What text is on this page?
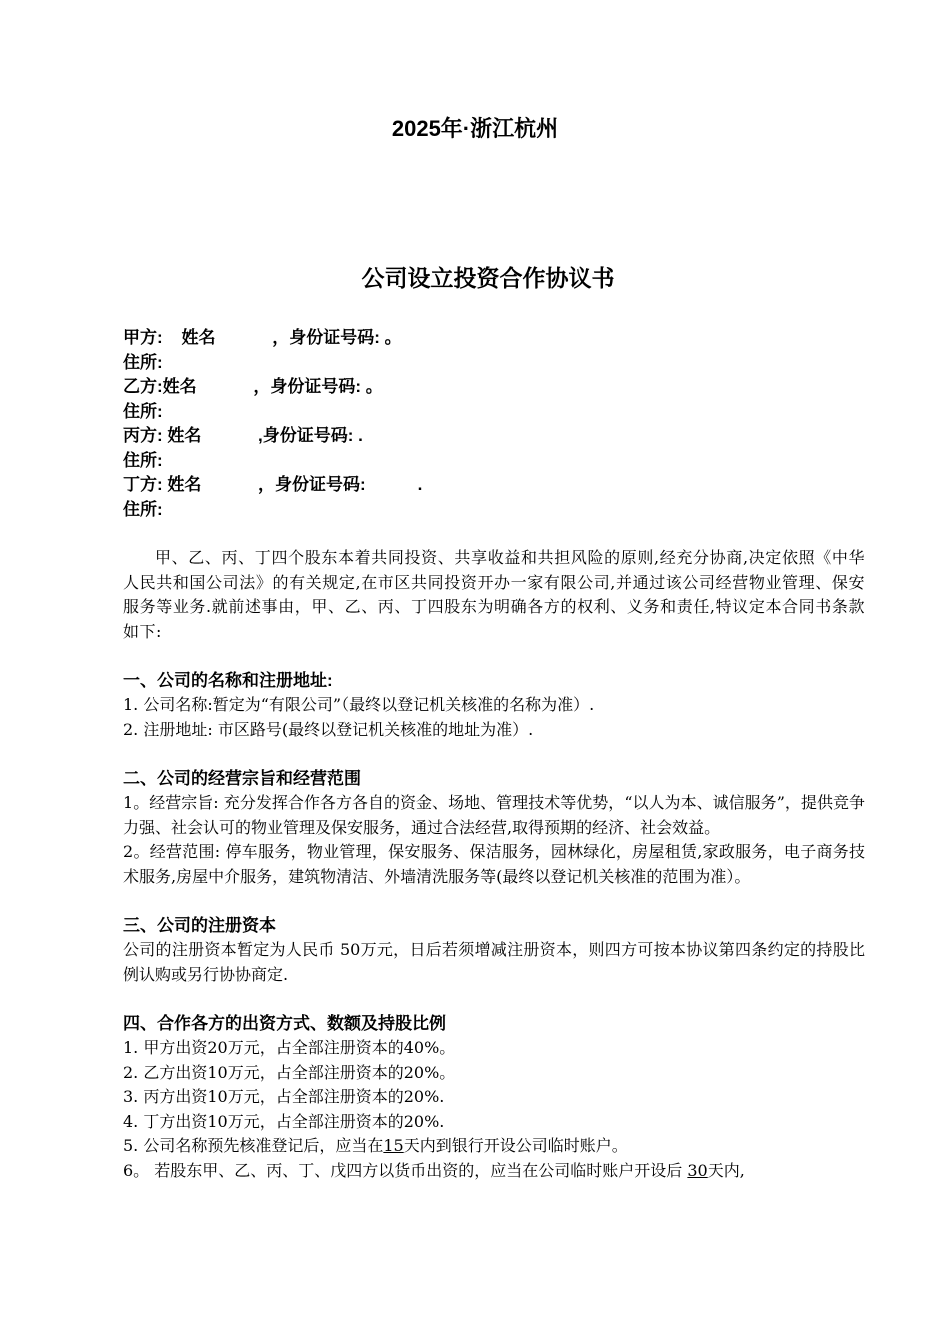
2025年·浙江杭州
公司设立投资合作协议书
甲方:    姓名            ，身份证号码: 。
住所:
乙方:姓名            ，身份证号码: 。
住所:
丙方: 姓名            ,身份证号码: .
住所:
丁方: 姓名            ，身份证号码:           .
住所:

甲、乙、丙、丁四个股东本着共同投资、共享收益和共担风险的原则,经充分协商,决定依照《中华人民共和国公司法》的有关规定,在市区共同投资开办一家有限公司,并通过该公司经营物业管理、保安服务等业务.就前述事由，甲、乙、丙、丁四股东为明确各方的权利、义务和责任,特议定本合同书条款如下:

一、公司的名称和注册地址:

1. 公司名称:暂定为“有限公司”（最终以登记机关核准的名称为准）.

2. 注册地址: 市区路号(最终以登记机关核准的地址为准）.

二、公司的经营宗旨和经营范围

1。经营宗旨: 充分发挥合作各方各自的资金、场地、管理技术等优势，“以人为本、诚信服务”，提供竞争力强、社会认可的物业管理及保安服务，通过合法经营,取得预期的经济、社会效益。

2。经营范围: 停车服务，物业管理，保安服务、保洁服务，园林绿化，房屋租赁,家政服务，电子商务技术服务,房屋中介服务，建筑物清洁、外墙清洗服务等(最终以登记机关核准的范围为准）。

三、公司的注册资本

公司的注册资本暂定为人民币 50万元，日后若须增减注册资本，则四方可按本协议第四条约定的持股比例认购或另行协协商定.

四、合作各方的出资方式、数额及持股比例

1. 甲方出资20万元，占全部注册资本的40%。

2. 乙方出资10万元，占全部注册资本的20%。

3. 丙方出资10万元，占全部注册资本的20%.

4. 丁方出资10万元，占全部注册资本的20%.

5. 公司名称预先核准登记后，应当在15天内到银行开设公司临时账户。

6。 若股东甲、乙、丙、丁、戊四方以货币出资的，应当在公司临时账户开设后 30天内,
